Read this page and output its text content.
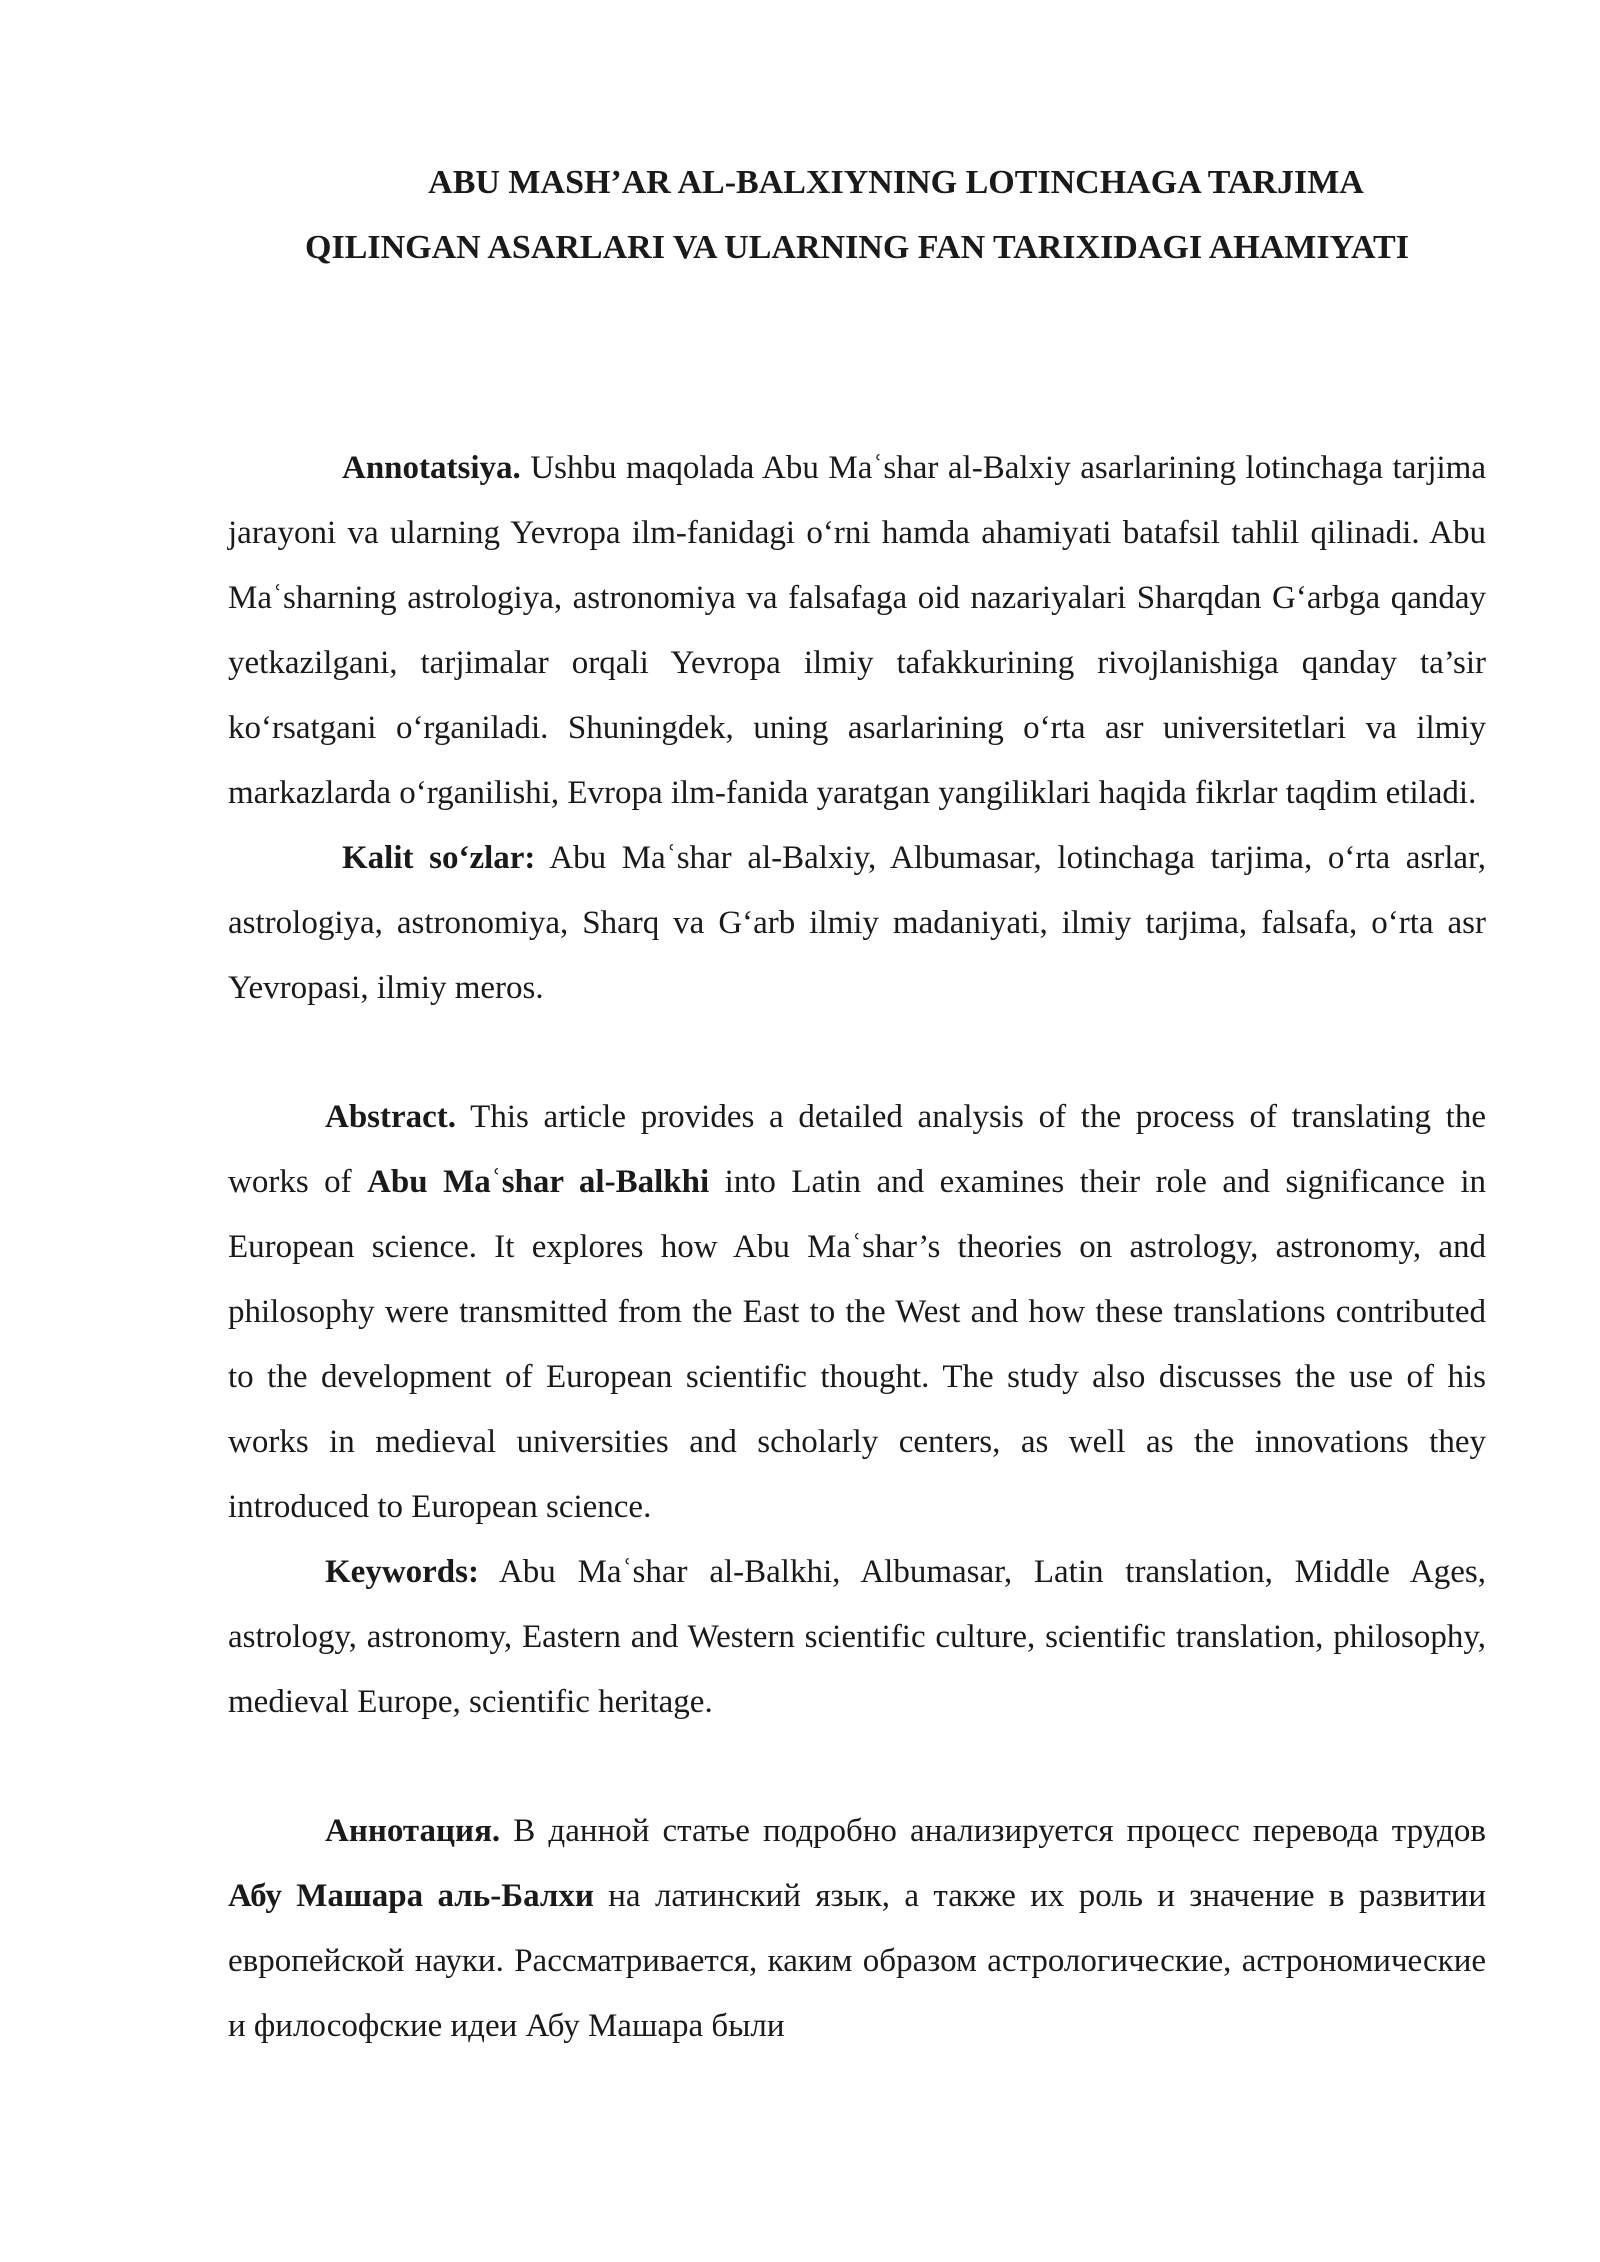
ABU MASH’AR AL-BALXIYNING LOTINCHAGA TARJIMA
QILINGAN ASARLARI VA ULARNING FAN TARIXIDAGI AHAMIYATI

Annotatsiya. Ushbu maqolada Abu Maʿshar al-Balxiy asarlarining lotinchaga tarjima jarayoni va ularning Yevropa ilm-fanidagi o‘rni hamda ahamiyati batafsil tahlil qilinadi. Abu Maʿsharning astrologiya, astronomiya va falsafaga oid nazariyalari Sharqdan G‘arbga qanday yetkazilgani, tarjimalar orqali Yevropa ilmiy tafakkurining rivojlanishiga qanday ta’sir ko‘rsatgani o‘rganiladi. Shuningdek, uning asarlarining o‘rta asr universitetlari va ilmiy markazlarda o‘rganilishi, Evropa ilm-fanida yaratgan yangiliklari haqida fikrlar taqdim etiladi.

Kalit so‘zlar: Abu Maʿshar al-Balxiy, Albumasar, lotinchaga tarjima, o‘rta asrlar, astrologiya, astronomiya, Sharq va G‘arb ilmiy madaniyati, ilmiy tarjima, falsafa, o‘rta asr Yevropasi, ilmiy meros.

Abstract. This article provides a detailed analysis of the process of translating the works of Abu Maʿshar al-Balkhi into Latin and examines their role and significance in European science. It explores how Abu Maʿshar’s theories on astrology, astronomy, and philosophy were transmitted from the East to the West and how these translations contributed to the development of European scientific thought. The study also discusses the use of his works in medieval universities and scholarly centers, as well as the innovations they introduced to European science.

Keywords: Abu Maʿshar al-Balkhi, Albumasar, Latin translation, Middle Ages, astrology, astronomy, Eastern and Western scientific culture, scientific translation, philosophy, medieval Europe, scientific heritage.

Аннотация. В данной статье подробно анализируется процесс перевода трудов Абу Машара аль-Балхи на латинский язык, а также их роль и значение в развитии европейской науки. Рассматривается, каким образом астрологические, астрономические и философские идеи Абу Машара были
